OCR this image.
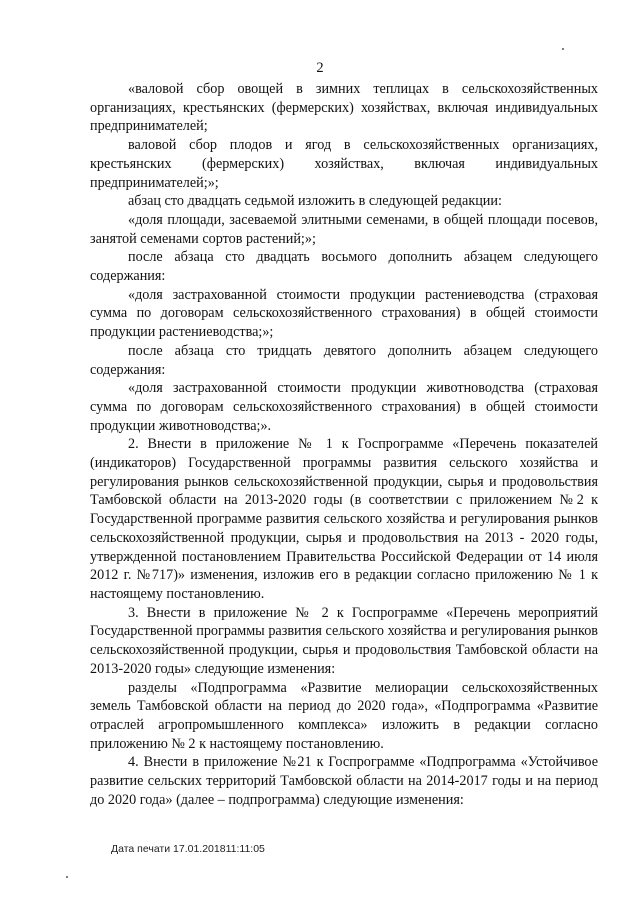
2

«валовой сбор овощей в зимних теплицах в сельскохозяйственных организациях, крестьянских (фермерских) хозяйствах, включая индивидуальных предпринимателей;

валовой сбор плодов и ягод в сельскохозяйственных организациях, крестьянских (фермерских) хозяйствах, включая индивидуальных предпринимателей;»;

абзац сто двадцать седьмой изложить в следующей редакции:

«доля площади, засеваемой элитными семенами, в общей площади посевов, занятой семенами сортов растений;»;

после абзаца сто двадцать восьмого дополнить абзацем следующего содержания:

«доля застрахованной стоимости продукции растениеводства (страховая сумма по договорам сельскохозяйственного страхования) в общей стоимости продукции растениеводства;»;

после абзаца сто тридцать девятого дополнить абзацем следующего содержания:

«доля застрахованной стоимости продукции животноводства (страховая сумма по договорам сельскохозяйственного страхования) в общей стоимости продукции животноводства;».

2. Внести в приложение № 1 к Госпрограмме «Перечень показателей (индикаторов) Государственной программы развития сельского хозяйства и регулирования рынков сельскохозяйственной продукции, сырья и продовольствия Тамбовской области на 2013-2020 годы (в соответствии с приложением №2 к Государственной программе развития сельского хозяйства и регулирования рынков сельскохозяйственной продукции, сырья и продовольствия на 2013 - 2020 годы, утвержденной постановлением Правительства Российской Федерации от 14 июля 2012 г. №717)» изменения, изложив его в редакции согласно приложению № 1 к настоящему постановлению.

3. Внести в приложение № 2 к Госпрограмме «Перечень мероприятий Государственной программы развития сельского хозяйства и регулирования рынков сельскохозяйственной продукции, сырья и продовольствия Тамбовской области на 2013-2020 годы» следующие изменения:

разделы «Подпрограмма «Развитие мелиорации сельскохозяйственных земель Тамбовской области на период до 2020 года», «Подпрограмма «Развитие отраслей агропромышленного комплекса» изложить в редакции согласно приложению № 2 к настоящему постановлению.

4. Внести в приложение №21 к Госпрограмме «Подпрограмма «Устойчивое развитие сельских территорий Тамбовской области на 2014-2017 годы и на период до 2020 года» (далее – подпрограмма) следующие изменения:

Дата печати 17.01.201811:11:05
